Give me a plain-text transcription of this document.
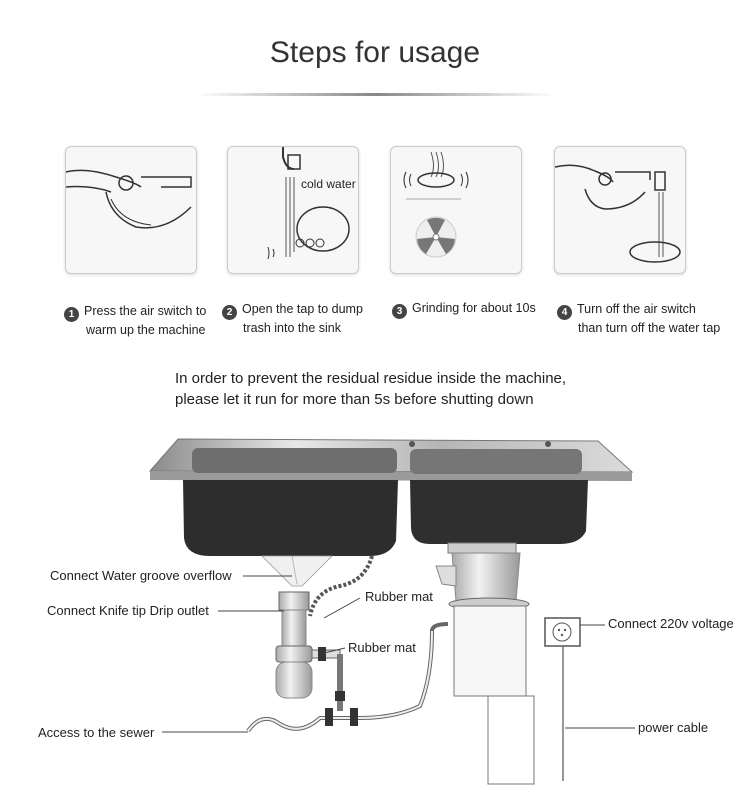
Steps for usage
cold water
1 Press the air switch to
warm up the machine
2 Open the tap to dump
trash into the sink
3 Grinding for about 10s	4 Turn off the air switch
than turn off the water tap
In order to prevent the residual residue inside the machine,
please let it run for more than 5s before shutting down
Connect Water groove overflow
Connect Knife tip Drip outlet
Rubber mat
Rubber mat
Access to the sewer
Connect 220v voltage
power cable
